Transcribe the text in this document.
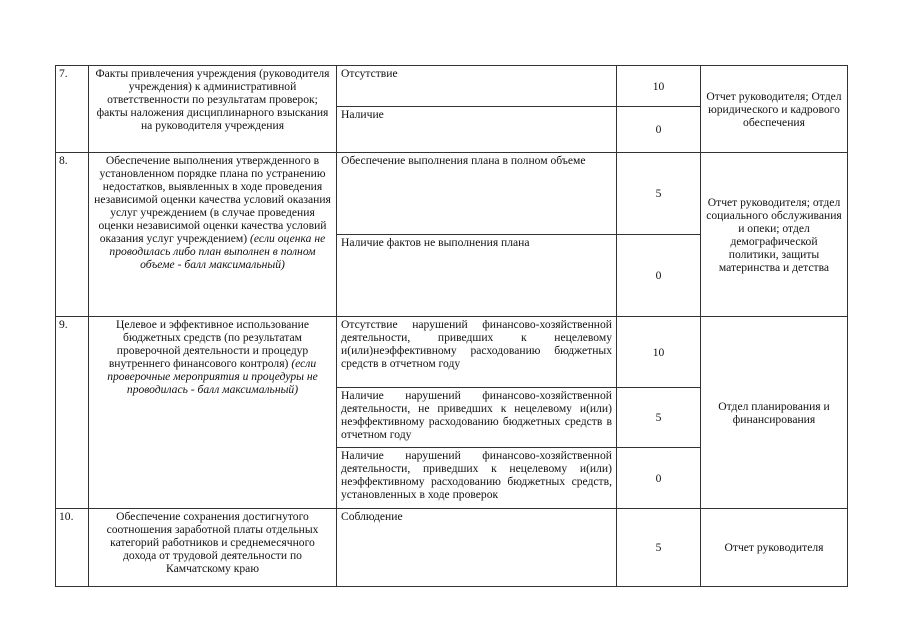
7.	Факты привлечения учреждения (руководителя учреждения) к административной ответственности по результатам проверок; факты наложения дисциплинарного взыскания на руководителя учреждения	Отсутствие	10	Отчет руководителя; Отдел юридического и кадрового обеспечения
		Наличие	0	
8.	Обеспечение выполнения утвержденного в установленном порядке плана по устранению недостатков, выявленных в ходе проведения независимой оценки качества условий оказания услуг учреждением (в случае проведения оценки независимой оценки качества условий оказания услуг учреждением) (если оценка не проводилась либо план выполнен в полном объеме - балл максимальный)	Обеспечение выполнения плана в полном объеме	5	Отчет руководителя; отдел социального обслуживания и опеки; отдел демографической политики, защиты материнства и детства
		Наличие фактов не выполнения плана	0	
9.	Целевое и эффективное использование бюджетных средств (по результатам проверочной деятельности и процедур внутреннего финансового контроля) (если проверочные мероприятия и процедуры не проводилась - балл максимальный)	Отсутствие нарушений финансово-хозяйственной деятельности, приведших к нецелевому и(или)неэффективному расходованию бюджетных средств в отчетном году	10	Отдел планирования и финансирования
		Наличие нарушений финансово-хозяйственной деятельности, не приведших к нецелевому и(или) неэффективному расходованию бюджетных средств в отчетном году	5	
		Наличие нарушений финансово-хозяйственной деятельности, приведших к нецелевому и(или) неэффективному расходованию бюджетных средств, установленных в ходе проверок	0	
10.	Обеспечение сохранения достигнутого соотношения заработной платы отдельных категорий работников и среднемесячного дохода от трудовой деятельности по Камчатскому краю	Соблюдение	5	Отчет руководителя
